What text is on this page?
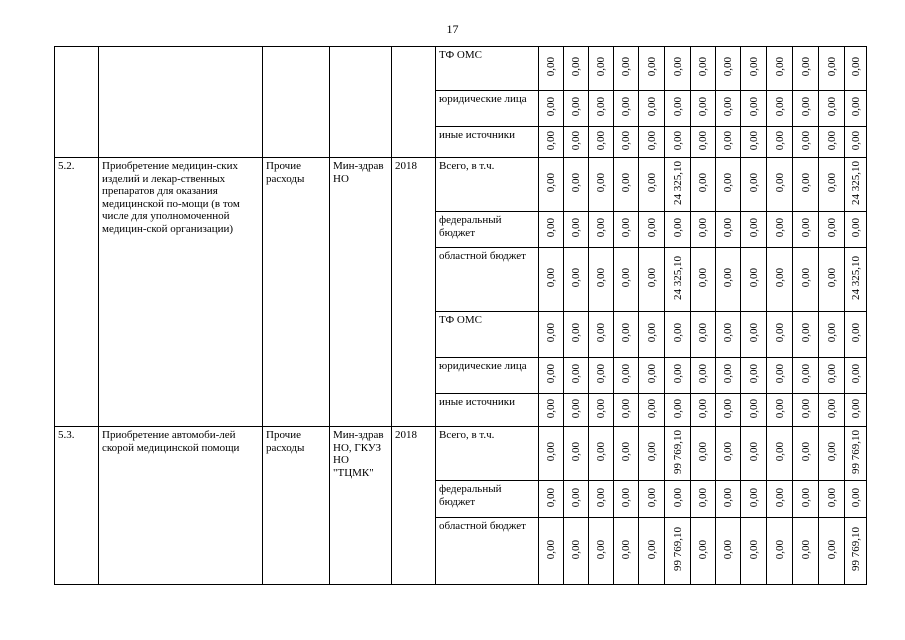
17
					ТФ ОМС	0,00	0,00	0,00	0,00	0,00	0,00	0,00	0,00	0,00	0,00	0,00	0,00	0,00
					юридические лица	0,00	0,00	0,00	0,00	0,00	0,00	0,00	0,00	0,00	0,00	0,00	0,00	0,00
					иные источники	0,00	0,00	0,00	0,00	0,00	0,00	0,00	0,00	0,00	0,00	0,00	0,00	0,00
5.2.	Приобретение медицин-ских изделий и лекар-ственных препаратов для оказания медицинской по-мощи (в том числе для уполномоченной медицин-ской организации)	Прочие расходы	Мин-здрав НО	2018	Всего, в т.ч.	0,00	0,00	0,00	0,00	0,00	24 325,10	0,00	0,00	0,00	0,00	0,00	0,00	24 325,10
					федеральный бюджет	0,00	0,00	0,00	0,00	0,00	0,00	0,00	0,00	0,00	0,00	0,00	0,00	0,00
					областной бюджет	0,00	0,00	0,00	0,00	0,00	24 325,10	0,00	0,00	0,00	0,00	0,00	0,00	24 325,10
					ТФ ОМС	0,00	0,00	0,00	0,00	0,00	0,00	0,00	0,00	0,00	0,00	0,00	0,00	0,00
					юридические лица	0,00	0,00	0,00	0,00	0,00	0,00	0,00	0,00	0,00	0,00	0,00	0,00	0,00
					иные источники	0,00	0,00	0,00	0,00	0,00	0,00	0,00	0,00	0,00	0,00	0,00	0,00	0,00
5.3.	Приобретение автомоби-лей скорой медицинской помощи	Прочие расходы	Мин-здрав НО, ГКУЗ НО "ТЦМК"	2018	Всего, в т.ч.	0,00	0,00	0,00	0,00	0,00	99 769,10	0,00	0,00	0,00	0,00	0,00	0,00	99 769,10
					федеральный бюджет	0,00	0,00	0,00	0,00	0,00	0,00	0,00	0,00	0,00	0,00	0,00	0,00	0,00
					областной бюджет	0,00	0,00	0,00	0,00	0,00	99 769,10	0,00	0,00	0,00	0,00	0,00	0,00	99 769,10
